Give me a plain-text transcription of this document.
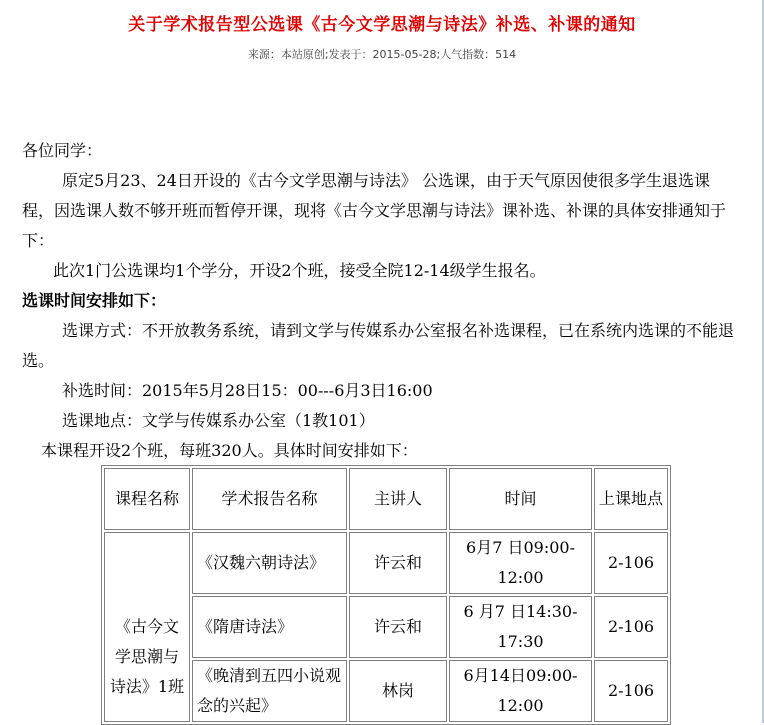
关于学术报告型公选课《古今文学思潮与诗法》补选、补课的通知
来源：本站原创;发表于：2015-05-28;人气指数：514

各位同学：

原定5月23、24日开设的《古今文学思潮与诗法》 公选课，由于天气原因使很多学生退选课程，因选课人数不够开班而暂停开课，现将《古今文学思潮与诗法》课补选、补课的具体安排通知于下：

此次1门公选课均1个学分，开设2个班，接受全院12-14级学生报名。

选课时间安排如下：

选课方式：不开放教务系统，请到文学与传媒系办公室报名补选课程，已在系统内选课的不能退选。

补选时间：2015年5月28日15：00---6月3日16:00

选课地点：文学与传媒系办公室（1教101）

本课程开设2个班，每班320人。具体时间安排如下：

课程名称	学术报告名称	主讲人	时间	上课地点
《古今文学思潮与诗法》1班	《汉魏六朝诗法》	许云和	6月7 日09:00-12:00	2-106
	《隋唐诗法》	许云和	6 月7 日14:30-17:30	2-106
	《晚清到五四小说观念的兴起》	林岗	6月14日09:00-12:00	2-106
